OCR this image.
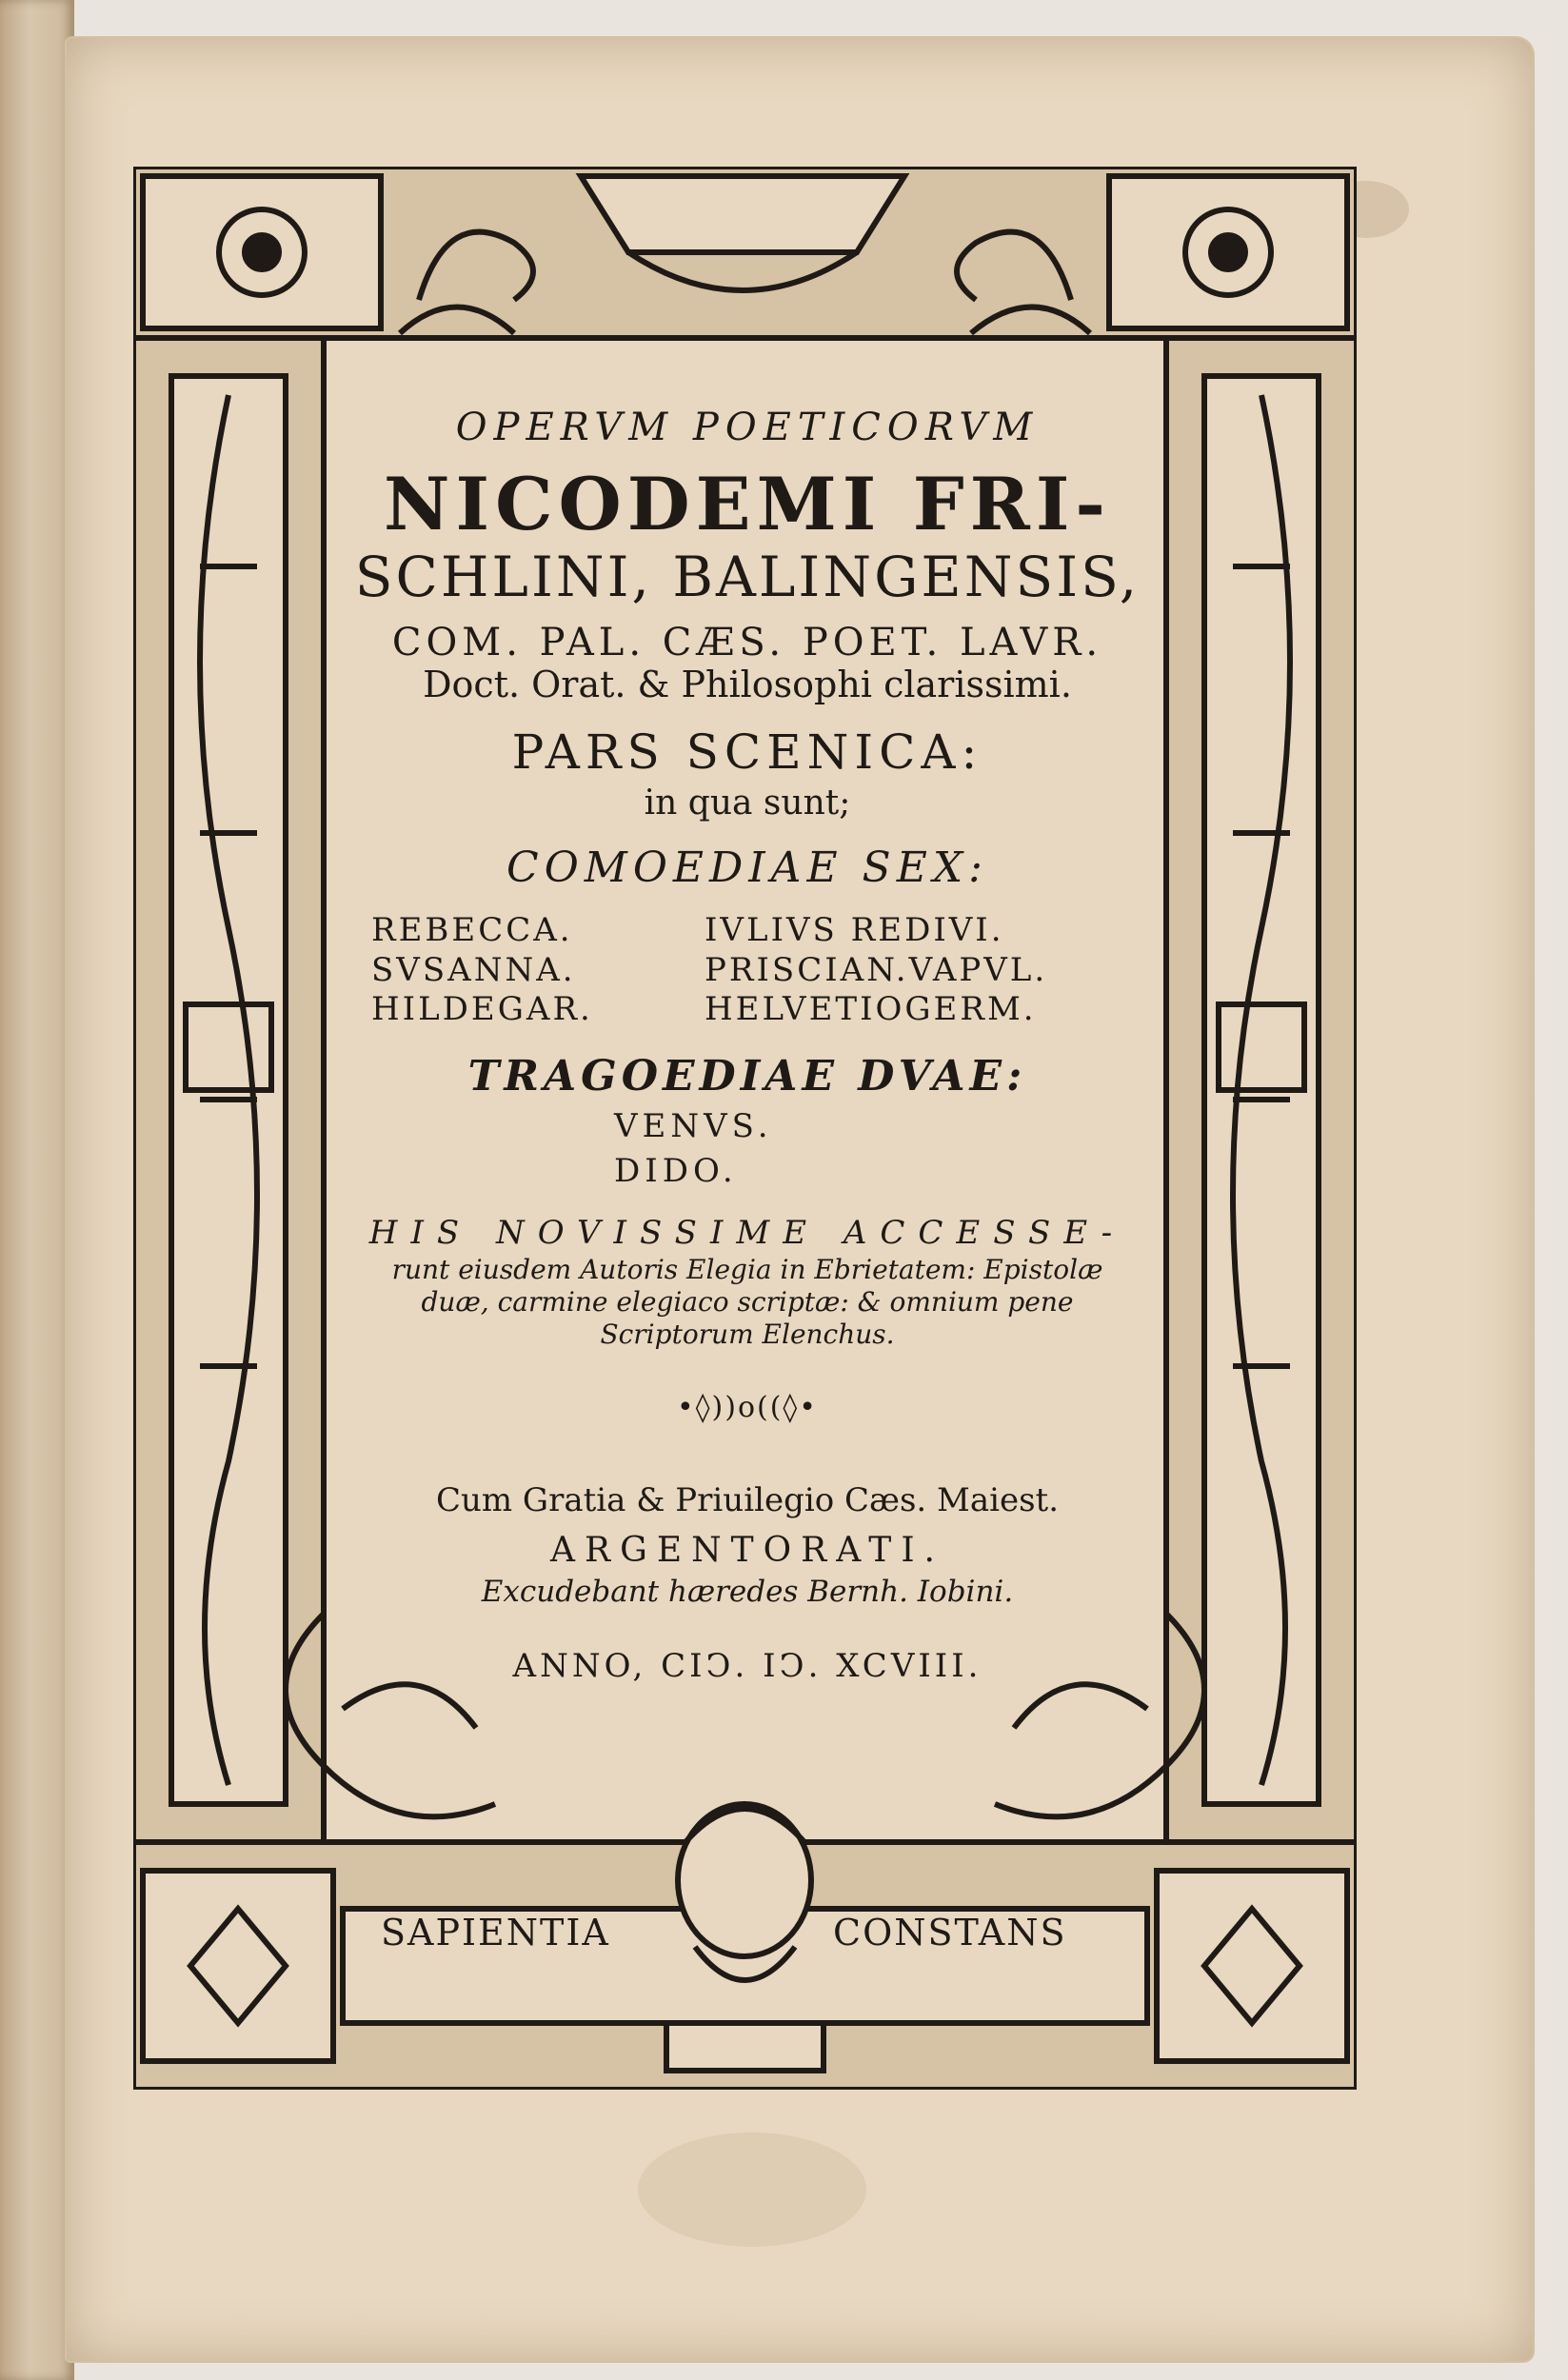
SAPIENTIA	CONSTANS
OPERVM POETICORVM
NICODEMI FRI-
SCHLINI, BALINGENSIS,
COM. PAL. CÆS. POET. LAVR.
Doct. Orat. & Philosophi clarissimi.
PARS SCENICA:
in qua sunt;
COMOEDIAE SEX:
REBECCA.	IVLIVS REDIVI.
SVSANNA.	PRISCIAN.VAPVL.
HILDEGAR.	HELVETIOGERM.
TRAGOEDIAE DVAE:
VENVS.
DIDO.
HIS NOVISSIME ACCESSE-
runt eiusdem Autoris Elegia in Ebrietatem: Epistolæ
duæ, carmine elegiaco scriptæ: & omnium pene
Scriptorum Elenchus.
•◊))o((◊•
Cum Gratia & Priuilegio Cæs. Maiest.
ARGENTORATI.
Excudebant hæredes Bernh. Iobini.
ANNO, CIↃ. IↃ. XCVIII.
